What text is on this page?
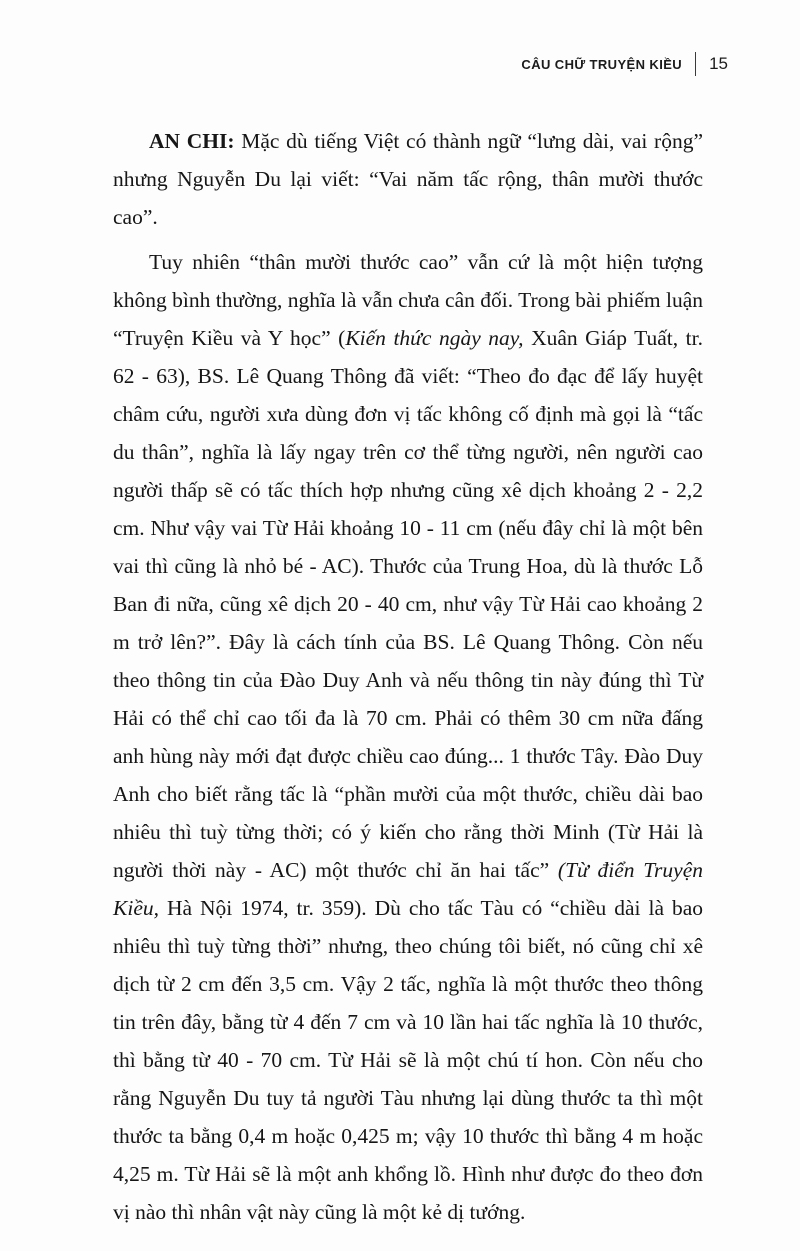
CÂU CHỮ TRUYỆN KIỀU 15

AN CHI: Mặc dù tiếng Việt có thành ngữ “lưng dài, vai rộng” nhưng Nguyễn Du lại viết: “Vai năm tấc rộng, thân mười thước cao”.

Tuy nhiên “thân mười thước cao” vẫn cứ là một hiện tượng không bình thường, nghĩa là vẫn chưa cân đối. Trong bài phiếm luận “Truyện Kiều và Y học” (Kiến thức ngày nay, Xuân Giáp Tuất, tr. 62 - 63), BS. Lê Quang Thông đã viết: “Theo đo đạc để lấy huyệt châm cứu, người xưa dùng đơn vị tấc không cố định mà gọi là “tấc du thân”, nghĩa là lấy ngay trên cơ thể từng người, nên người cao người thấp sẽ có tấc thích hợp nhưng cũng xê dịch khoảng 2 - 2,2 cm. Như vậy vai Từ Hải khoảng 10 - 11 cm (nếu đây chỉ là một bên vai thì cũng là nhỏ bé - AC). Thước của Trung Hoa, dù là thước Lỗ Ban đi nữa, cũng xê dịch 20 - 40 cm, như vậy Từ Hải cao khoảng 2 m trở lên?”. Đây là cách tính của BS. Lê Quang Thông. Còn nếu theo thông tin của Đào Duy Anh và nếu thông tin này đúng thì Từ Hải có thể chỉ cao tối đa là 70 cm. Phải có thêm 30 cm nữa đấng anh hùng này mới đạt được chiều cao đúng... 1 thước Tây. Đào Duy Anh cho biết rằng tấc là “phần mười của một thước, chiều dài bao nhiêu thì tuỳ từng thời; có ý kiến cho rằng thời Minh (Từ Hải là người thời này - AC) một thước chỉ ăn hai tấc” (Từ điển Truyện Kiều, Hà Nội 1974, tr. 359). Dù cho tấc Tàu có “chiều dài là bao nhiêu thì tuỳ từng thời” nhưng, theo chúng tôi biết, nó cũng chỉ xê dịch từ 2 cm đến 3,5 cm. Vậy 2 tấc, nghĩa là một thước theo thông tin trên đây, bằng từ 4 đến 7 cm và 10 lần hai tấc nghĩa là 10 thước, thì bằng từ 40 - 70 cm. Từ Hải sẽ là một chú tí hon. Còn nếu cho rằng Nguyễn Du tuy tả người Tàu nhưng lại dùng thước ta thì một thước ta bằng 0,4 m hoặc 0,425 m; vậy 10 thước thì bằng 4 m hoặc 4,25 m. Từ Hải sẽ là một anh khổng lồ. Hình như được đo theo đơn vị nào thì nhân vật này cũng là một kẻ dị tướng.
